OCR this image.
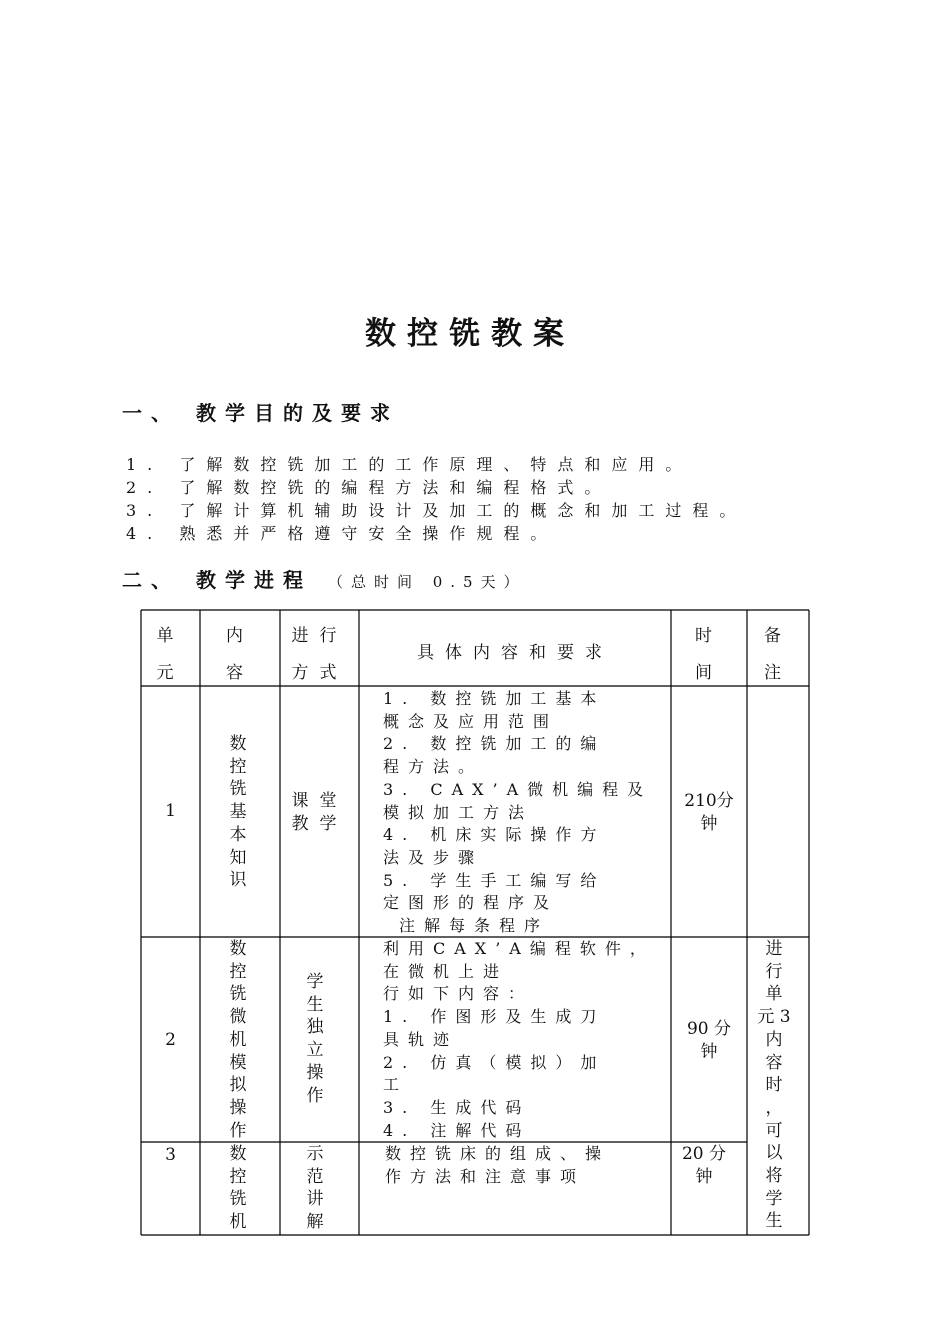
数控铣教案
一、 教学目的及要求
1. 了解数控铣加工的工作原理、特点和应用。
2. 了解数控铣的编程方法和编程格式。
3. 了解计算机辅助设计及加工的概念和加工过程。
4. 熟悉并严格遵守安全操作规程。
二、 教学进程 （总时间 0.5天）
单
元
内
容
进行
方式
具体内容和要求
时
间
备
注
1
数
控
铣
基
本
知
识
课堂
教学
1. 数控铣加工基本
概念及应用范围
2. 数控铣加工的编
程方法。
3. CAX’A微机编程及
模拟加工方法
4. 机床实际操作方
法及步骤
5. 学生手工编写给
定图形的程序及
注解每条程序
210分
钟
2
数
控
铣
微
机
模
拟
操
作
学
生
独
立
操
作
利用CAX’A编程软件，
在微机上进
行如下内容：
1. 作图形及生成刀
具轨迹
2. 仿真（模拟）加
工
3. 生成代码
4. 注解代码
90 分
钟
进
行
单
元 3
内
容
时
，
可
以
将
学
生
3	数
控
铣
机
示
范
讲
解
数控铣床的组成、操
作方法和注意事项
20 分
钟
